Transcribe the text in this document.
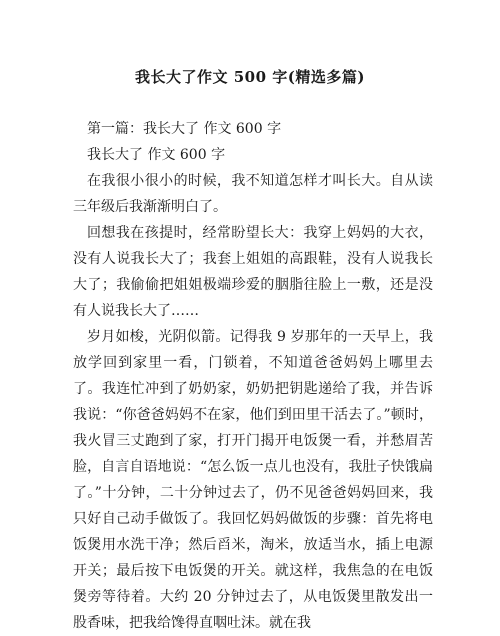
我长大了作文 500 字(精选多篇)

第一篇：我长大了 作文 600 字

我长大了 作文 600 字

在我很小很小的时候，我不知道怎样才叫长大。自从读三年级后我渐渐明白了。

回想我在孩提时，经常盼望长大：我穿上妈妈的大衣，没有人说我长大了；我套上姐姐的高跟鞋，没有人说我长大了；我偷偷把姐姐极端珍爱的胭脂往脸上一敷，还是没有人说我长大了……

岁月如梭，光阴似箭。记得我 9 岁那年的一天早上，我放学回到家里一看，门锁着，不知道爸爸妈妈上哪里去了。我连忙冲到了奶奶家，奶奶把钥匙递给了我，并告诉我说：“你爸爸妈妈不在家，他们到田里干活去了。”顿时，我火冒三丈跑到了家，打开门揭开电饭煲一看，并愁眉苦脸，自言自语地说：“怎么饭一点儿也没有，我肚子快饿扁了。”十分钟，二十分钟过去了，仍不见爸爸妈妈回来，我只好自己动手做饭了。我回忆妈妈做饭的步骤：首先将电饭煲用水洗干净；然后舀米，淘米，放适当水，插上电源开关；最后按下电饭煲的开关。就这样，我焦急的在电饭煲旁等待着。大约 20 分钟过去了，从电饭煲里散发出一股香味，把我给馋得直咽吐沫。就在我
